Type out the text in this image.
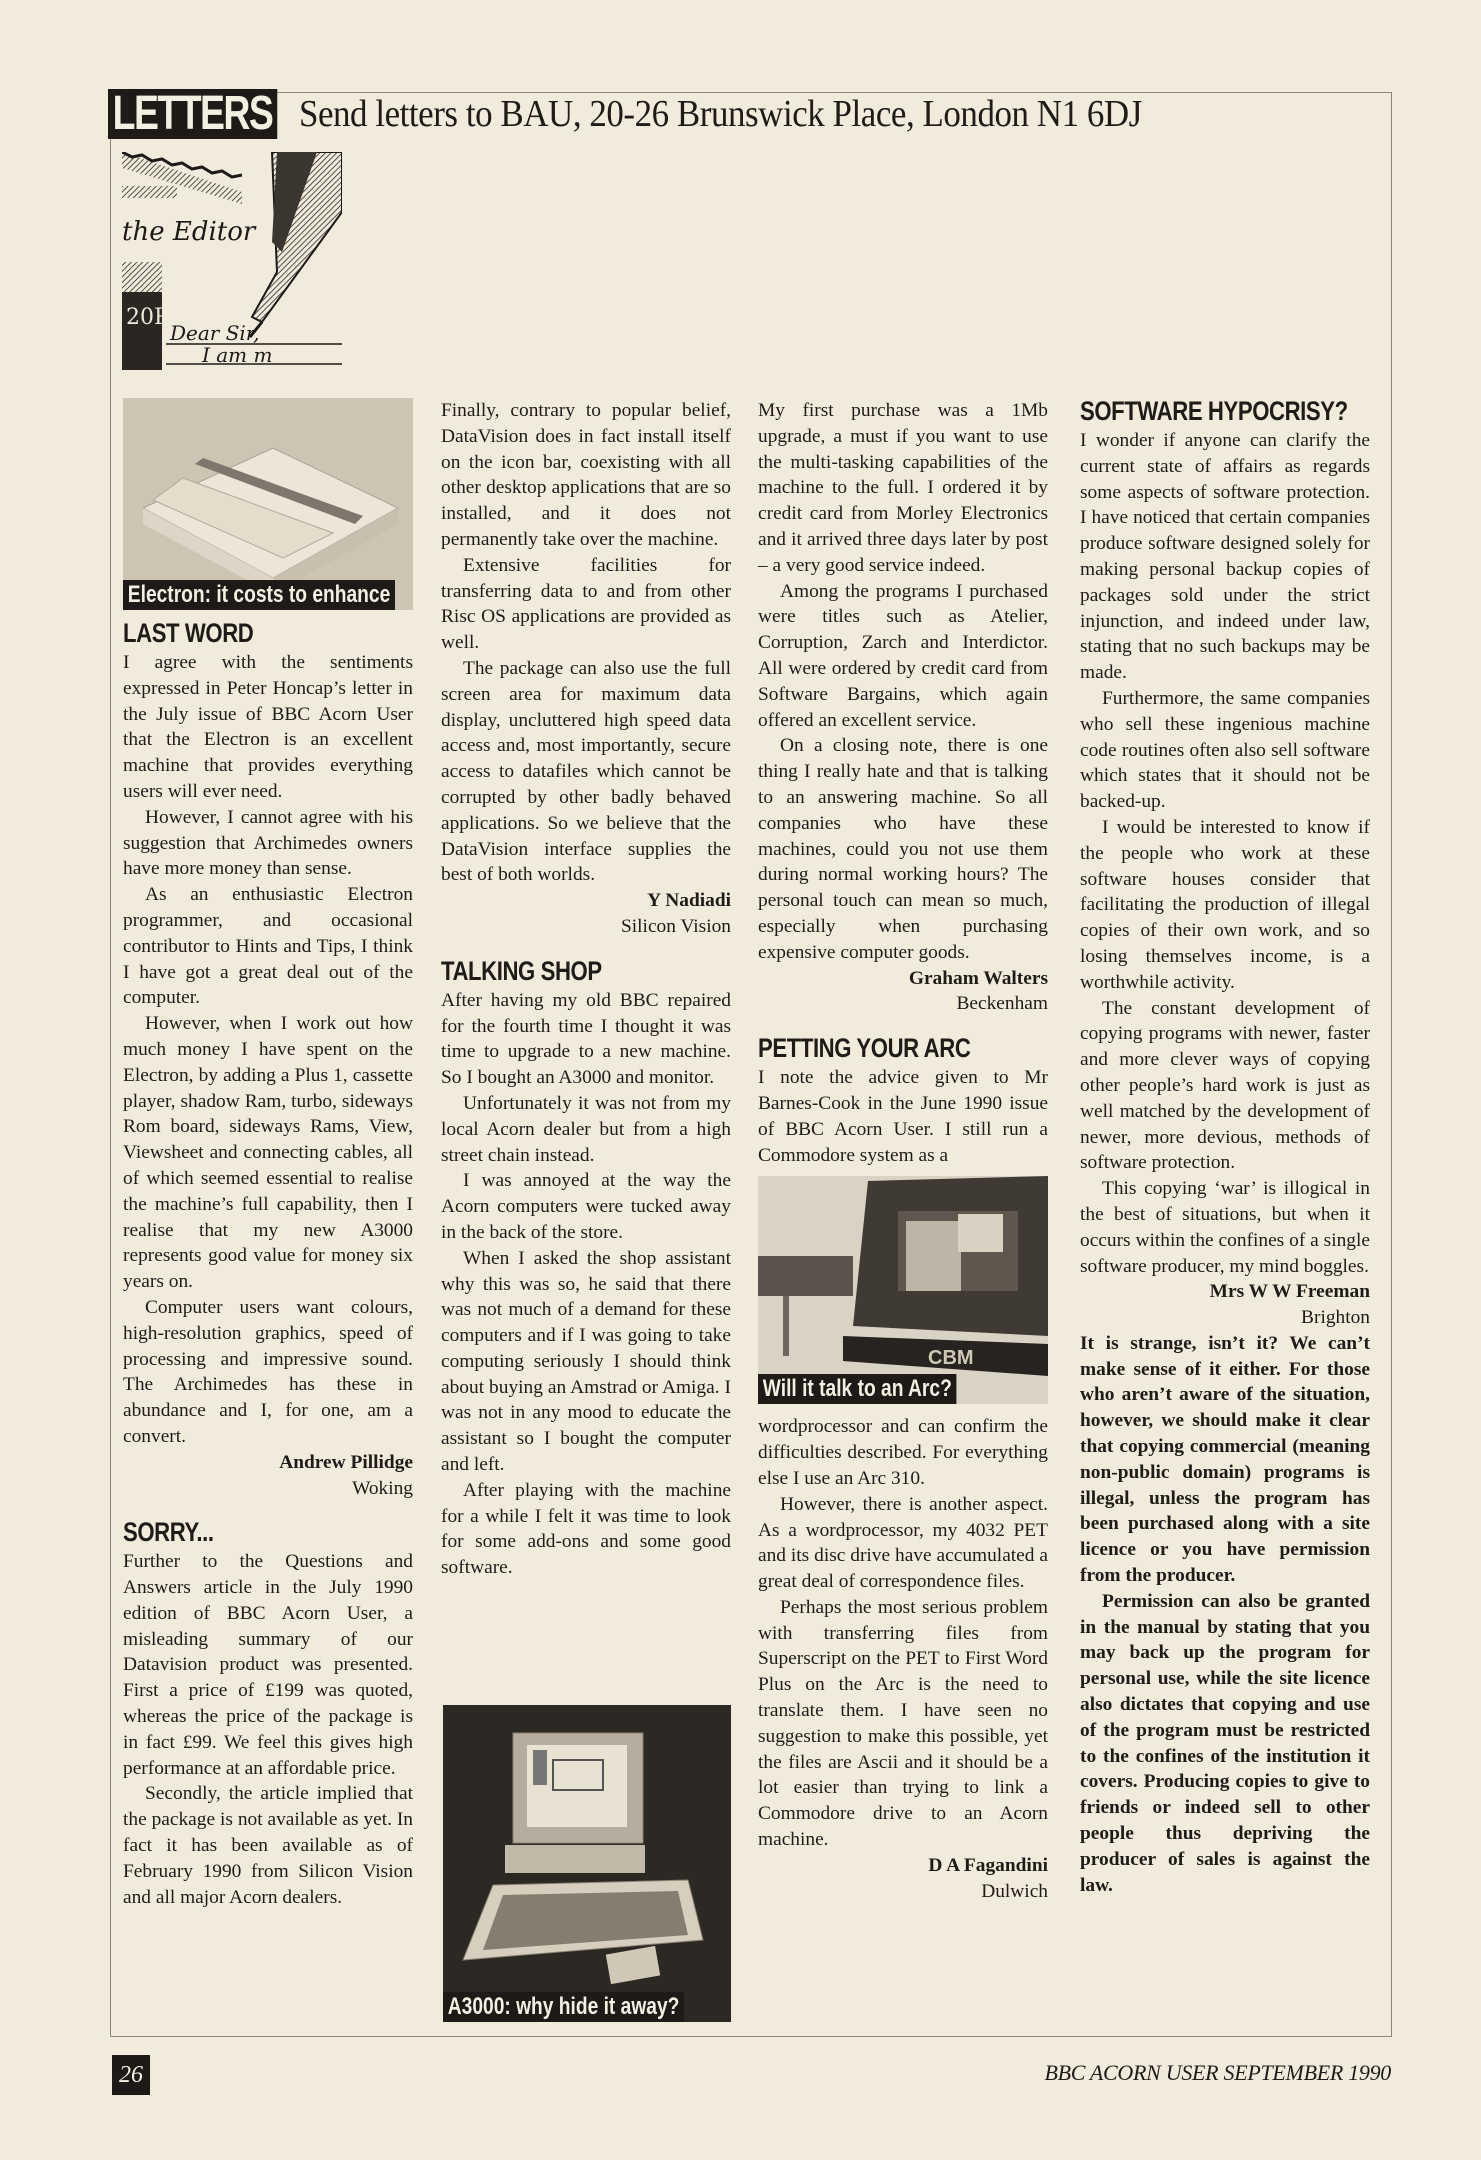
LETTERS Send letters to BAU, 20-26 Brunswick Place, London N1 6DJ
the Editor
20P
Dear Sir,
I am m
Electron: it costs to enhance
LAST WORD

I agree with the sentiments expressed in Peter Honcap’s letter in the July issue of BBC Acorn User that the Electron is an excellent machine that provides everything users will ever need.

However, I cannot agree with his suggestion that Archimedes owners have more money than sense.

As an enthusiastic Electron programmer, and occasional contributor to Hints and Tips, I think I have got a great deal out of the computer.

However, when I work out how much money I have spent on the Electron, by adding a Plus 1, cassette player, shadow Ram, turbo, sideways Rom board, sideways Rams, View, Viewsheet and connecting cables, all of which seemed essential to realise the machine’s full capability, then I realise that my new A3000 represents good value for money six years on.

Computer users want colours, high-resolution graphics, speed of processing and impressive sound. The Archimedes has these in abundance and I, for one, am a convert.

Andrew Pillidge
Woking
SORRY...

Further to the Questions and Answers article in the July 1990 edition of BBC Acorn User, a misleading summary of our Datavision product was presented. First a price of £199 was quoted, whereas the price of the package is in fact £99. We feel this gives high performance at an affordable price.

Secondly, the article implied that the package is not available as yet. In fact it has been available as of February 1990 from Silicon Vision and all major Acorn dealers.

Finally, contrary to popular belief, DataVision does in fact install itself on the icon bar, coexisting with all other desktop applications that are so installed, and it does not permanently take over the machine.

Extensive facilities for transferring data to and from other Risc OS applications are provided as well.

The package can also use the full screen area for maximum data display, uncluttered high speed data access and, most importantly, secure access to datafiles which cannot be corrupted by other badly behaved applications. So we believe that the DataVision interface supplies the best of both worlds.

Y Nadiadi
Silicon Vision
TALKING SHOP

After having my old BBC repaired for the fourth time I thought it was time to upgrade to a new machine. So I bought an A3000 and monitor.

Unfortunately it was not from my local Acorn dealer but from a high street chain instead.

I was annoyed at the way the Acorn computers were tucked away in the back of the store.

When I asked the shop assistant why this was so, he said that there was not much of a demand for these computers and if I was going to take computing seriously I should think about buying an Amstrad or Amiga. I was not in any mood to educate the assistant so I bought the computer and left.

After playing with the machine for a while I felt it was time to look for some add-ons and some good software.

A3000: why hide it away?

My first purchase was a 1Mb upgrade, a must if you want to use the multi-tasking capabilities of the machine to the full. I ordered it by credit card from Morley Electronics and it arrived three days later by post – a very good service indeed.

Among the programs I purchased were titles such as Atelier, Corruption, Zarch and Interdictor. All were ordered by credit card from Software Bargains, which again offered an excellent service.

On a closing note, there is one thing I really hate and that is talking to an answering machine. So all companies who have these machines, could you not use them during normal working hours? The personal touch can mean so much, especially when purchasing expensive computer goods.

Graham Walters
Beckenham
PETTING YOUR ARC

I note the advice given to Mr Barnes-Cook in the June 1990 issue of BBC Acorn User. I still run a Commodore system as a

CBM
Will it talk to an Arc?

wordprocessor and can confirm the difficulties described. For everything else I use an Arc 310.

However, there is another aspect. As a wordprocessor, my 4032 PET and its disc drive have accumulated a great deal of correspondence files.

Perhaps the most serious problem with transferring files from Superscript on the PET to First Word Plus on the Arc is the need to translate them. I have seen no suggestion to make this possible, yet the files are Ascii and it should be a lot easier than trying to link a Commodore drive to an Acorn machine.

D A Fagandini
Dulwich
SOFTWARE HYPOCRISY?

I wonder if anyone can clarify the current state of affairs as regards some aspects of software protection. I have noticed that certain companies produce software designed solely for making personal backup copies of packages sold under the strict injunction, and indeed under law, stating that no such backups may be made.

Furthermore, the same companies who sell these ingenious machine code routines often also sell software which states that it should not be backed-up.

I would be interested to know if the people who work at these software houses consider that facilitating the production of illegal copies of their own work, and so losing themselves income, is a worthwhile activity.

The constant development of copying programs with newer, faster and more clever ways of copying other people’s hard work is just as well matched by the development of newer, more devious, methods of software protection.

This copying ‘war’ is illogical in the best of situations, but when it occurs within the confines of a single software producer, my mind boggles.

Mrs W W Freeman
Brighton

It is strange, isn’t it? We can’t make sense of it either. For those who aren’t aware of the situation, however, we should make it clear that copying commercial (meaning non-public domain) programs is illegal, unless the program has been purchased along with a site licence or you have permission from the producer.

Permission can also be granted in the manual by stating that you may back up the program for personal use, while the site licence also dictates that copying and use of the program must be restricted to the confines of the institution it covers. Producing copies to give to friends or indeed sell to other people thus depriving the producer of sales is against the law.

26	BBC ACORN USER SEPTEMBER 1990
